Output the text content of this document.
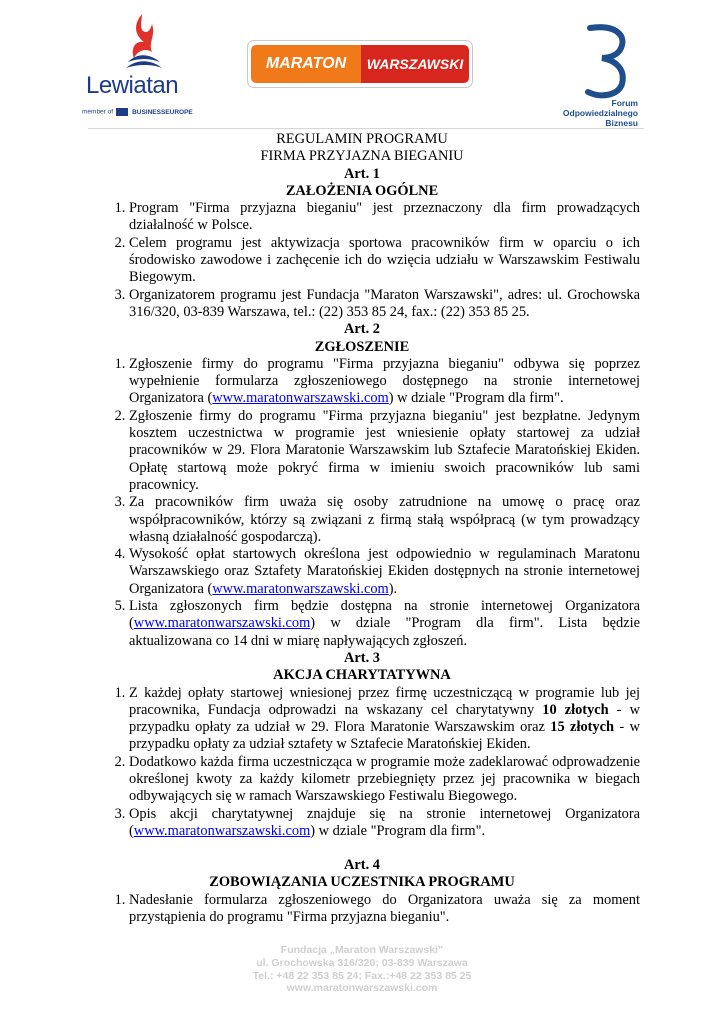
Lewiatan
member of	BUSINESSEUROPE
MARATON	WARSZAWSKI
Forum
Odpowiedzialnego
Biznesu
REGULAMIN PROGRAMU
FIRMA PRZYJAZNA BIEGANIU
Art. 1
ZAŁOŻENIA OGÓLNE
1. Program "Firma przyjazna bieganiu" jest przeznaczony dla firm prowadzących działalność w Polsce.
2. Celem programu jest aktywizacja sportowa pracowników firm w oparciu o ich środowisko zawodowe i zachęcenie ich do wzięcia udziału w Warszawskim Festiwalu Biegowym.
3. Organizatorem programu jest Fundacja "Maraton Warszawski", adres: ul. Grochowska 316/320, 03-839 Warszawa, tel.: (22) 353 85 24, fax.: (22) 353 85 25.
Art. 2
ZGŁOSZENIE
1. Zgłoszenie firmy do programu "Firma przyjazna bieganiu" odbywa się poprzez wypełnienie formularza zgłoszeniowego dostępnego na stronie internetowej Organizatora (www.maratonwarszawski.com) w dziale "Program dla firm".
2. Zgłoszenie firmy do programu "Firma przyjazna bieganiu" jest bezpłatne. Jedynym kosztem uczestnictwa w programie jest wniesienie opłaty startowej za udział pracowników w 29. Flora Maratonie Warszawskim lub Sztafecie Maratońskiej Ekiden. Opłatę startową może pokryć firma w imieniu swoich pracowników lub sami pracownicy.
3. Za pracowników firm uważa się osoby zatrudnione na umowę o pracę oraz współpracowników, którzy są związani z firmą stałą współpracą (w tym prowadzący własną działalność gospodarczą).
4. Wysokość opłat startowych określona jest odpowiednio w regulaminach Maratonu Warszawskiego oraz Sztafety Maratońskiej Ekiden dostępnych na stronie internetowej Organizatora (www.maratonwarszawski.com).
5. Lista zgłoszonych firm będzie dostępna na stronie internetowej Organizatora (www.maratonwarszawski.com) w dziale "Program dla firm". Lista będzie aktualizowana co 14 dni w miarę napływających zgłoszeń.
Art. 3
AKCJA CHARYTATYWNA
1. Z każdej opłaty startowej wniesionej przez firmę uczestniczącą w programie lub jej pracownika, Fundacja odprowadzi na wskazany cel charytatywny 10 złotych - w przypadku opłaty za udział w 29. Flora Maratonie Warszawskim oraz 15 złotych - w przypadku opłaty za udział sztafety w Sztafecie Maratońskiej Ekiden.
2. Dodatkowo każda firma uczestnicząca w programie może zadeklarować odprowadzenie określonej kwoty za każdy kilometr przebiegnięty przez jej pracownika w biegach odbywających się w ramach Warszawskiego Festiwalu Biegowego.
3. Opis akcji charytatywnej znajduje się na stronie internetowej Organizatora (www.maratonwarszawski.com) w dziale "Program dla firm".
Art. 4
ZOBOWIĄZANIA UCZESTNIKA PROGRAMU
1. Nadesłanie formularza zgłoszeniowego do Organizatora uważa się za moment przystąpienia do programu "Firma przyjazna bieganiu".
Fundacja „Maraton Warszawski”
ul. Grochowska 316/320; 03-839 Warszawa
Tel.: +48 22 353 85 24; Fax.:+48 22 353 85 25
www.maratonwarszawski.com
